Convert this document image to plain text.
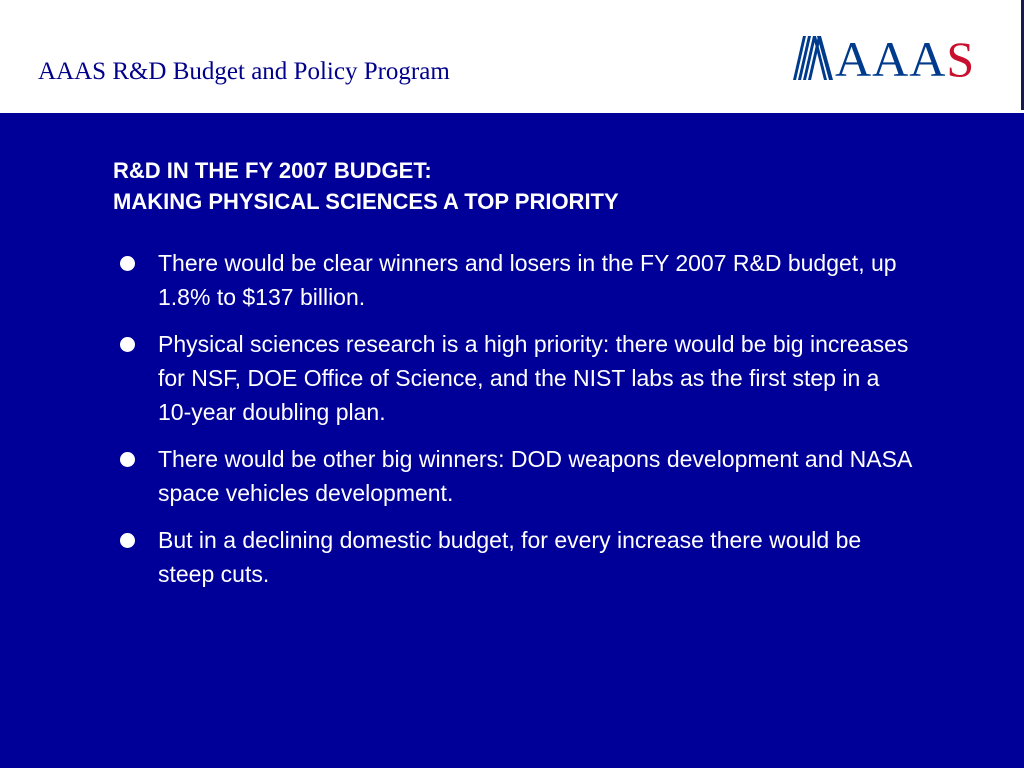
AAAS R&D Budget and Policy Program	AAAS
R&D IN THE FY 2007 BUDGET:
MAKING PHYSICAL SCIENCES A TOP PRIORITY
There would be clear winners and losers in the FY 2007 R&D budget, up 1.8% to $137 billion.
Physical sciences research is a high priority: there would be big increases for NSF, DOE Office of Science, and the NIST labs as the first step in a 10-year doubling plan.
There would be other big winners: DOD weapons development and NASA space vehicles development.
But in a declining domestic budget, for every increase there would be steep cuts.
